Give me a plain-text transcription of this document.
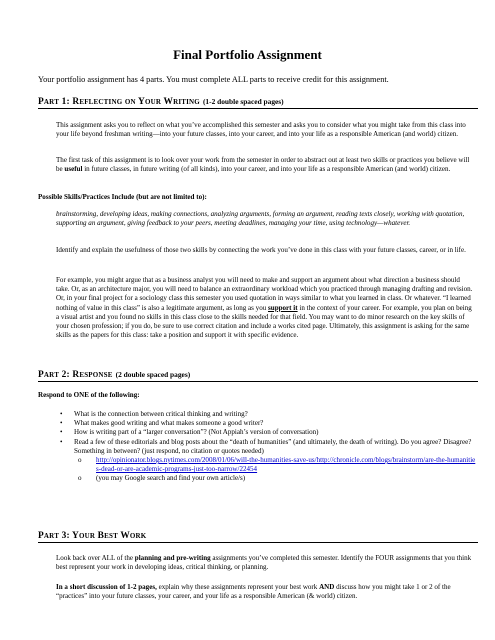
Final Portfolio Assignment
Your portfolio assignment has 4 parts. You must complete ALL parts to receive credit for this assignment.
Part 1: Reflecting on Your Writing (1-2 double spaced pages)
This assignment asks you to reflect on what you’ve accomplished this semester and asks you to consider what you might take from this class into your life beyond freshman writing—into your future classes, into your career, and into your life as a responsible American (and world) citizen.
The first task of this assignment is to look over your work from the semester in order to abstract out at least two skills or practices you believe will be useful in future classes, in future writing (of all kinds), into your career, and into your life as a responsible American (and world) citizen.
Possible Skills/Practices Include (but are not limited to):
brainstorming, developing ideas, making connections, analyzing arguments, forming an argument, reading texts closely, working with quotation, supporting an argument, giving feedback to your peers, meeting deadlines, managing your time, using technology—whatever.
Identify and explain the usefulness of those two skills by connecting the work you’ve done in this class with your future classes, career, or in life.
For example, you might argue that as a business analyst you will need to make and support an argument about what direction a business should take. Or, as an architecture major, you will need to balance an extraordinary workload which you practiced through managing drafting and revision. Or, in your final project for a sociology class this semester you used quotation in ways similar to what you learned in class. Or whatever. “I learned nothing of value in this class” is also a legitimate argument, as long as you support it in the context of your career. For example, you plan on being a visual artist and you found no skills in this class close to the skills needed for that field. You may want to do minor research on the key skills of your chosen profession; if you do, be sure to use correct citation and include a works cited page. Ultimately, this assignment is asking for the same skills as the papers for this class: take a position and support it with specific evidence.
Part 2: Response (2 double spaced pages)
Respond to ONE of the following:
• What is the connection between critical thinking and writing?
• What makes good writing and what makes someone a good writer?
• How is writing part of a “larger conversation”? (Not Appiah’s version of conversation)
• Read a few of these editorials and blog posts about the “death of humanities” (and ultimately, the death of writing). Do you agree? Disagree? Something in between? (just respond, no citation or quotes needed)
o http://opinionator.blogs.nytimes.com/2008/01/06/will-the-humanities-save-us/http://chronicle.com/blogs/brainstorm/are-the-humanities-dead-or-are-academic-programs-just-too-narrow/22454
o (you may Google search and find your own article/s)
Part 3: Your Best Work
Look back over ALL of the planning and pre-writing assignments you’ve completed this semester. Identify the FOUR assignments that you think best represent your work in developing ideas, critical thinking, or planning.
In a short discussion of 1-2 pages, explain why these assignments represent your best work AND discuss how you might take 1 or 2 of the “practices” into your future classes, your career, and your life as a responsible American (& world) citizen.
